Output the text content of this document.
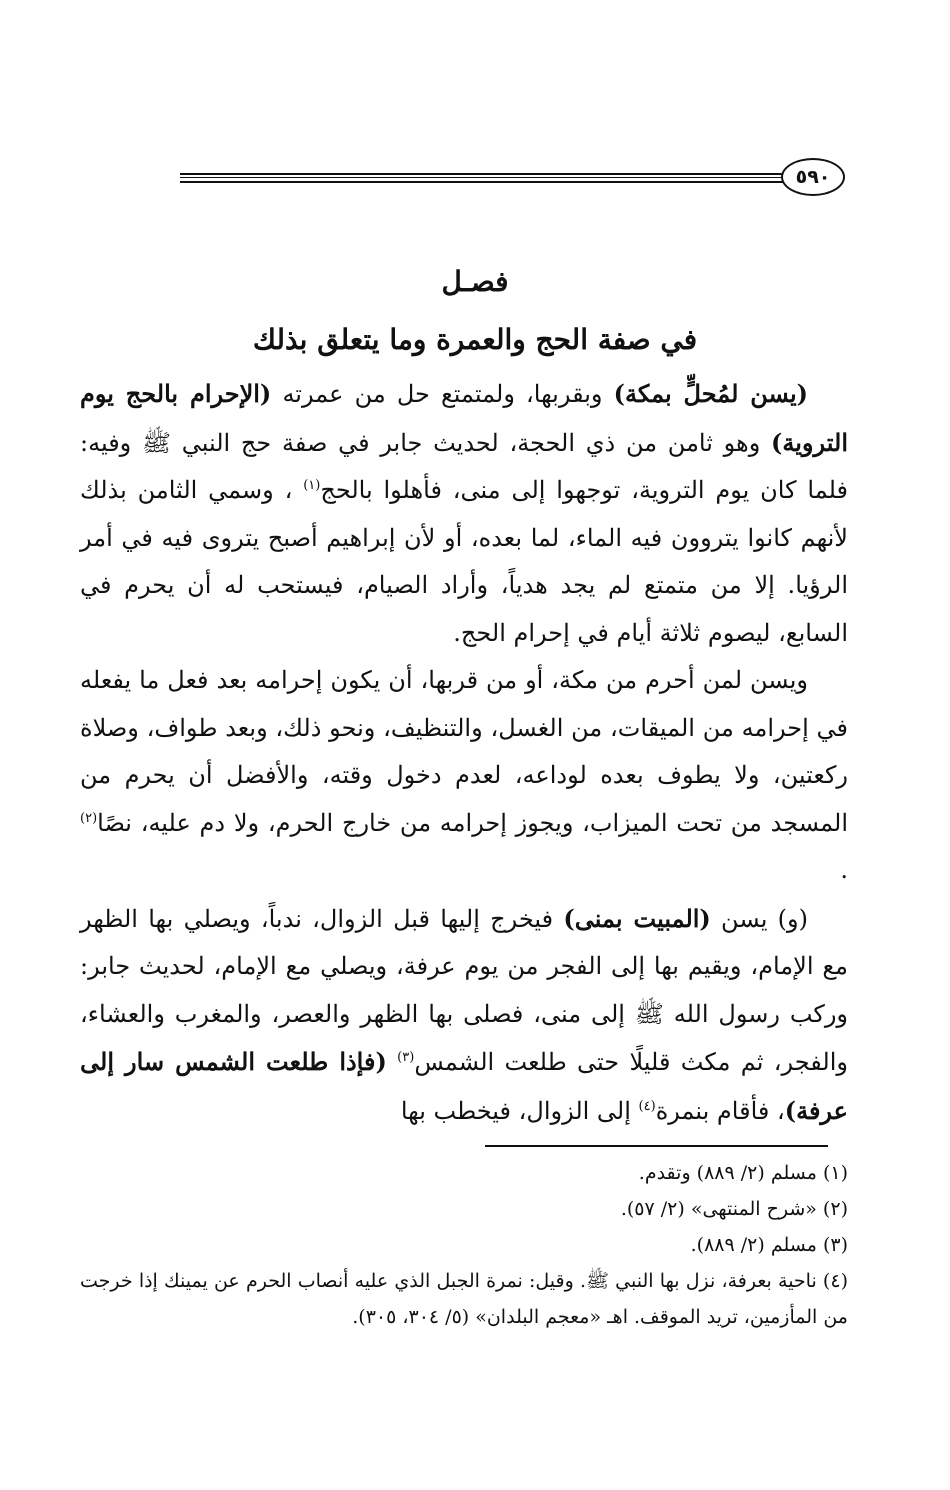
٥٩٠
فصـل
في صفة الحج والعمرة وما يتعلق بذلك

(يسن لمُحلٍّ بمكة) وبقربها، ولمتمتع حل من عمرته (الإحرام بالحج يوم التروية) وهو ثامن من ذي الحجة، لحديث جابر في صفة حج النبي ﷺ وفيه: فلما كان يوم التروية، توجهوا إلى منى، فأهلوا بالحج$^{(١)}$ ، وسمي الثامن بذلك لأنهم كانوا يتروون فيه الماء، لما بعده، أو لأن إبراهيم أصبح يتروى فيه في أمر الرؤيا. إلا من متمتع لم يجد هدياً، وأراد الصيام، فيستحب له أن يحرم في السابع، ليصوم ثلاثة أيام في إحرام الحج.

ويسن لمن أحرم من مكة، أو من قربها، أن يكون إحرامه بعد فعل ما يفعله في إحرامه من الميقات، من الغسل، والتنظيف، ونحو ذلك، وبعد طواف، وصلاة ركعتين، ولا يطوف بعده لوداعه، لعدم دخول وقته، والأفضل أن يحرم من المسجد من تحت الميزاب، ويجوز إحرامه من خارج الحرم، ولا دم عليه، نصًا$^{(٢)}$ .

(و) يسن (المبيت بمنى) فيخرج إليها قبل الزوال، ندباً، ويصلي بها الظهر مع الإمام، ويقيم بها إلى الفجر من يوم عرفة، ويصلي مع الإمام، لحديث جابر: وركب رسول الله ﷺ إلى منى، فصلى بها الظهر والعصر، والمغرب والعشاء، والفجر، ثم مكث قليلًا حتى طلعت الشمس$^{(٣)}$ (فإذا طلعت الشمس سار إلى عرفة)، فأقام بنمرة$^{(٤)}$ إلى الزوال، فيخطب بها

(١) مسلم (٢/ ٨٨٩) وتقدم.

(٢) «شرح المنتهى» (٢/ ٥٧).

(٣) مسلم (٢/ ٨٨٩).

(٤) ناحية بعرفة، نزل بها النبي ﷺ. وقيل: نمرة الجبل الذي عليه أنصاب الحرم عن يمينك إذا خرجت من المأزمين، تريد الموقف. اهـ «معجم البلدان» (٥/ ٣٠٤، ٣٠٥).
